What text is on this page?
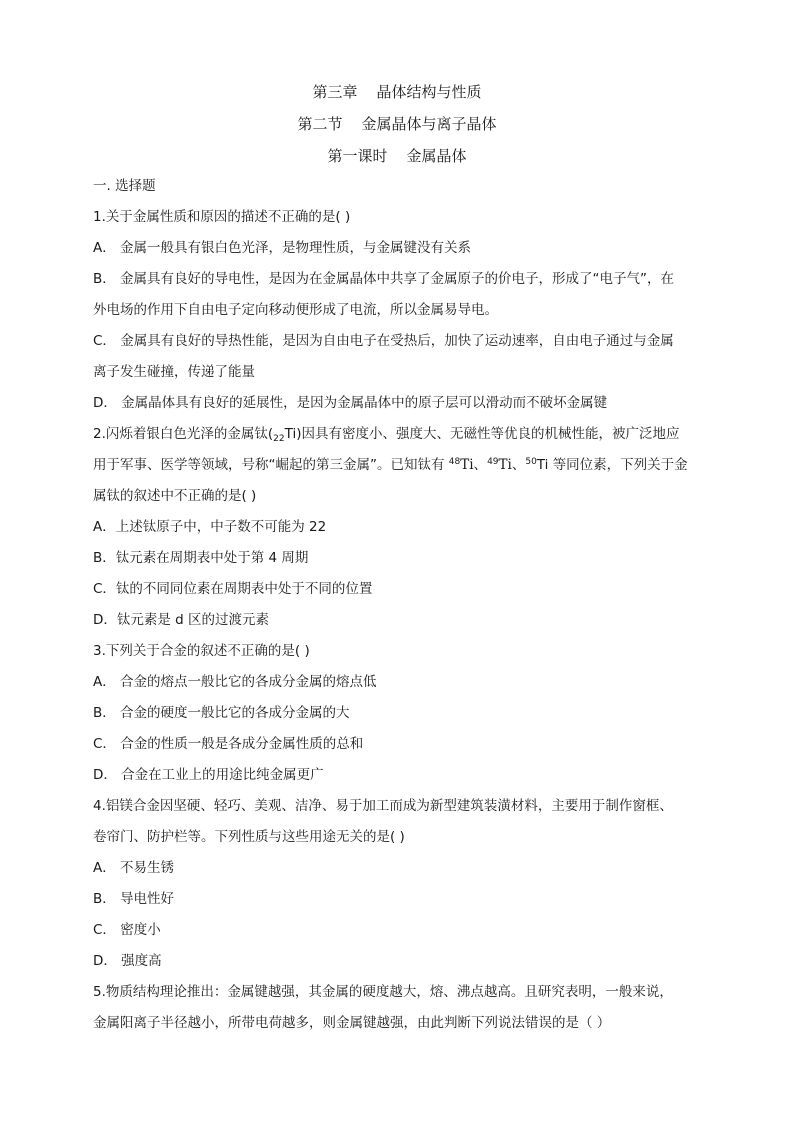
第三章    晶体结构与性质
第二节    金属晶体与离子晶体
第一课时    金属晶体
一. 选择题
1.关于金属性质和原因的描述不正确的是( )
A． 金属一般具有银白色光泽，是物理性质，与金属键没有关系
B． 金属具有良好的导电性，是因为在金属晶体中共享了金属原子的价电子，形成了“电子气”，在
外电场的作用下自由电子定向移动便形成了电流，所以金属易导电。
C． 金属具有良好的导热性能，是因为自由电子在受热后，加快了运动速率，自由电子通过与金属
离子发生碰撞，传递了能量
D． 金属晶体具有良好的延展性，是因为金属晶体中的原子层可以滑动而不破坏金属键
2.闪烁着银白色光泽的金属钛$(_{22}Ti)$因具有密度小、强度大、无磁性等优良的机械性能，被广泛地应
用于军事、医学等领域，号称“崛起的第三金属”。已知钛有 $^{48}$Ti、$^{49}$Ti、$^{50}$Ti 等同位素，下列关于金
属钛的叙述中不正确的是( )
A．上述钛原子中，中子数不可能为 22
B．钛元素在周期表中处于第 4 周期
C．钛的不同同位素在周期表中处于不同的位置
D．钛元素是 d 区的过渡元素
3.下列关于合金的叙述不正确的是( )
A． 合金的熔点一般比它的各成分金属的熔点低
B． 合金的硬度一般比它的各成分金属的大
C． 合金的性质一般是各成分金属性质的总和
D． 合金在工业上的用途比纯金属更广
4.铝镁合金因坚硬、轻巧、美观、洁净、易于加工而成为新型建筑装潢材料，主要用于制作窗框、
卷帘门、防护栏等。下列性质与这些用途无关的是( )
A． 不易生锈
B． 导电性好
C． 密度小
D． 强度高
5.物质结构理论推出：金属键越强，其金属的硬度越大，熔、沸点越高。且研究表明，一般来说，
金属阳离子半径越小，所带电荷越多，则金属键越强，由此判断下列说法错误的是（ ）
